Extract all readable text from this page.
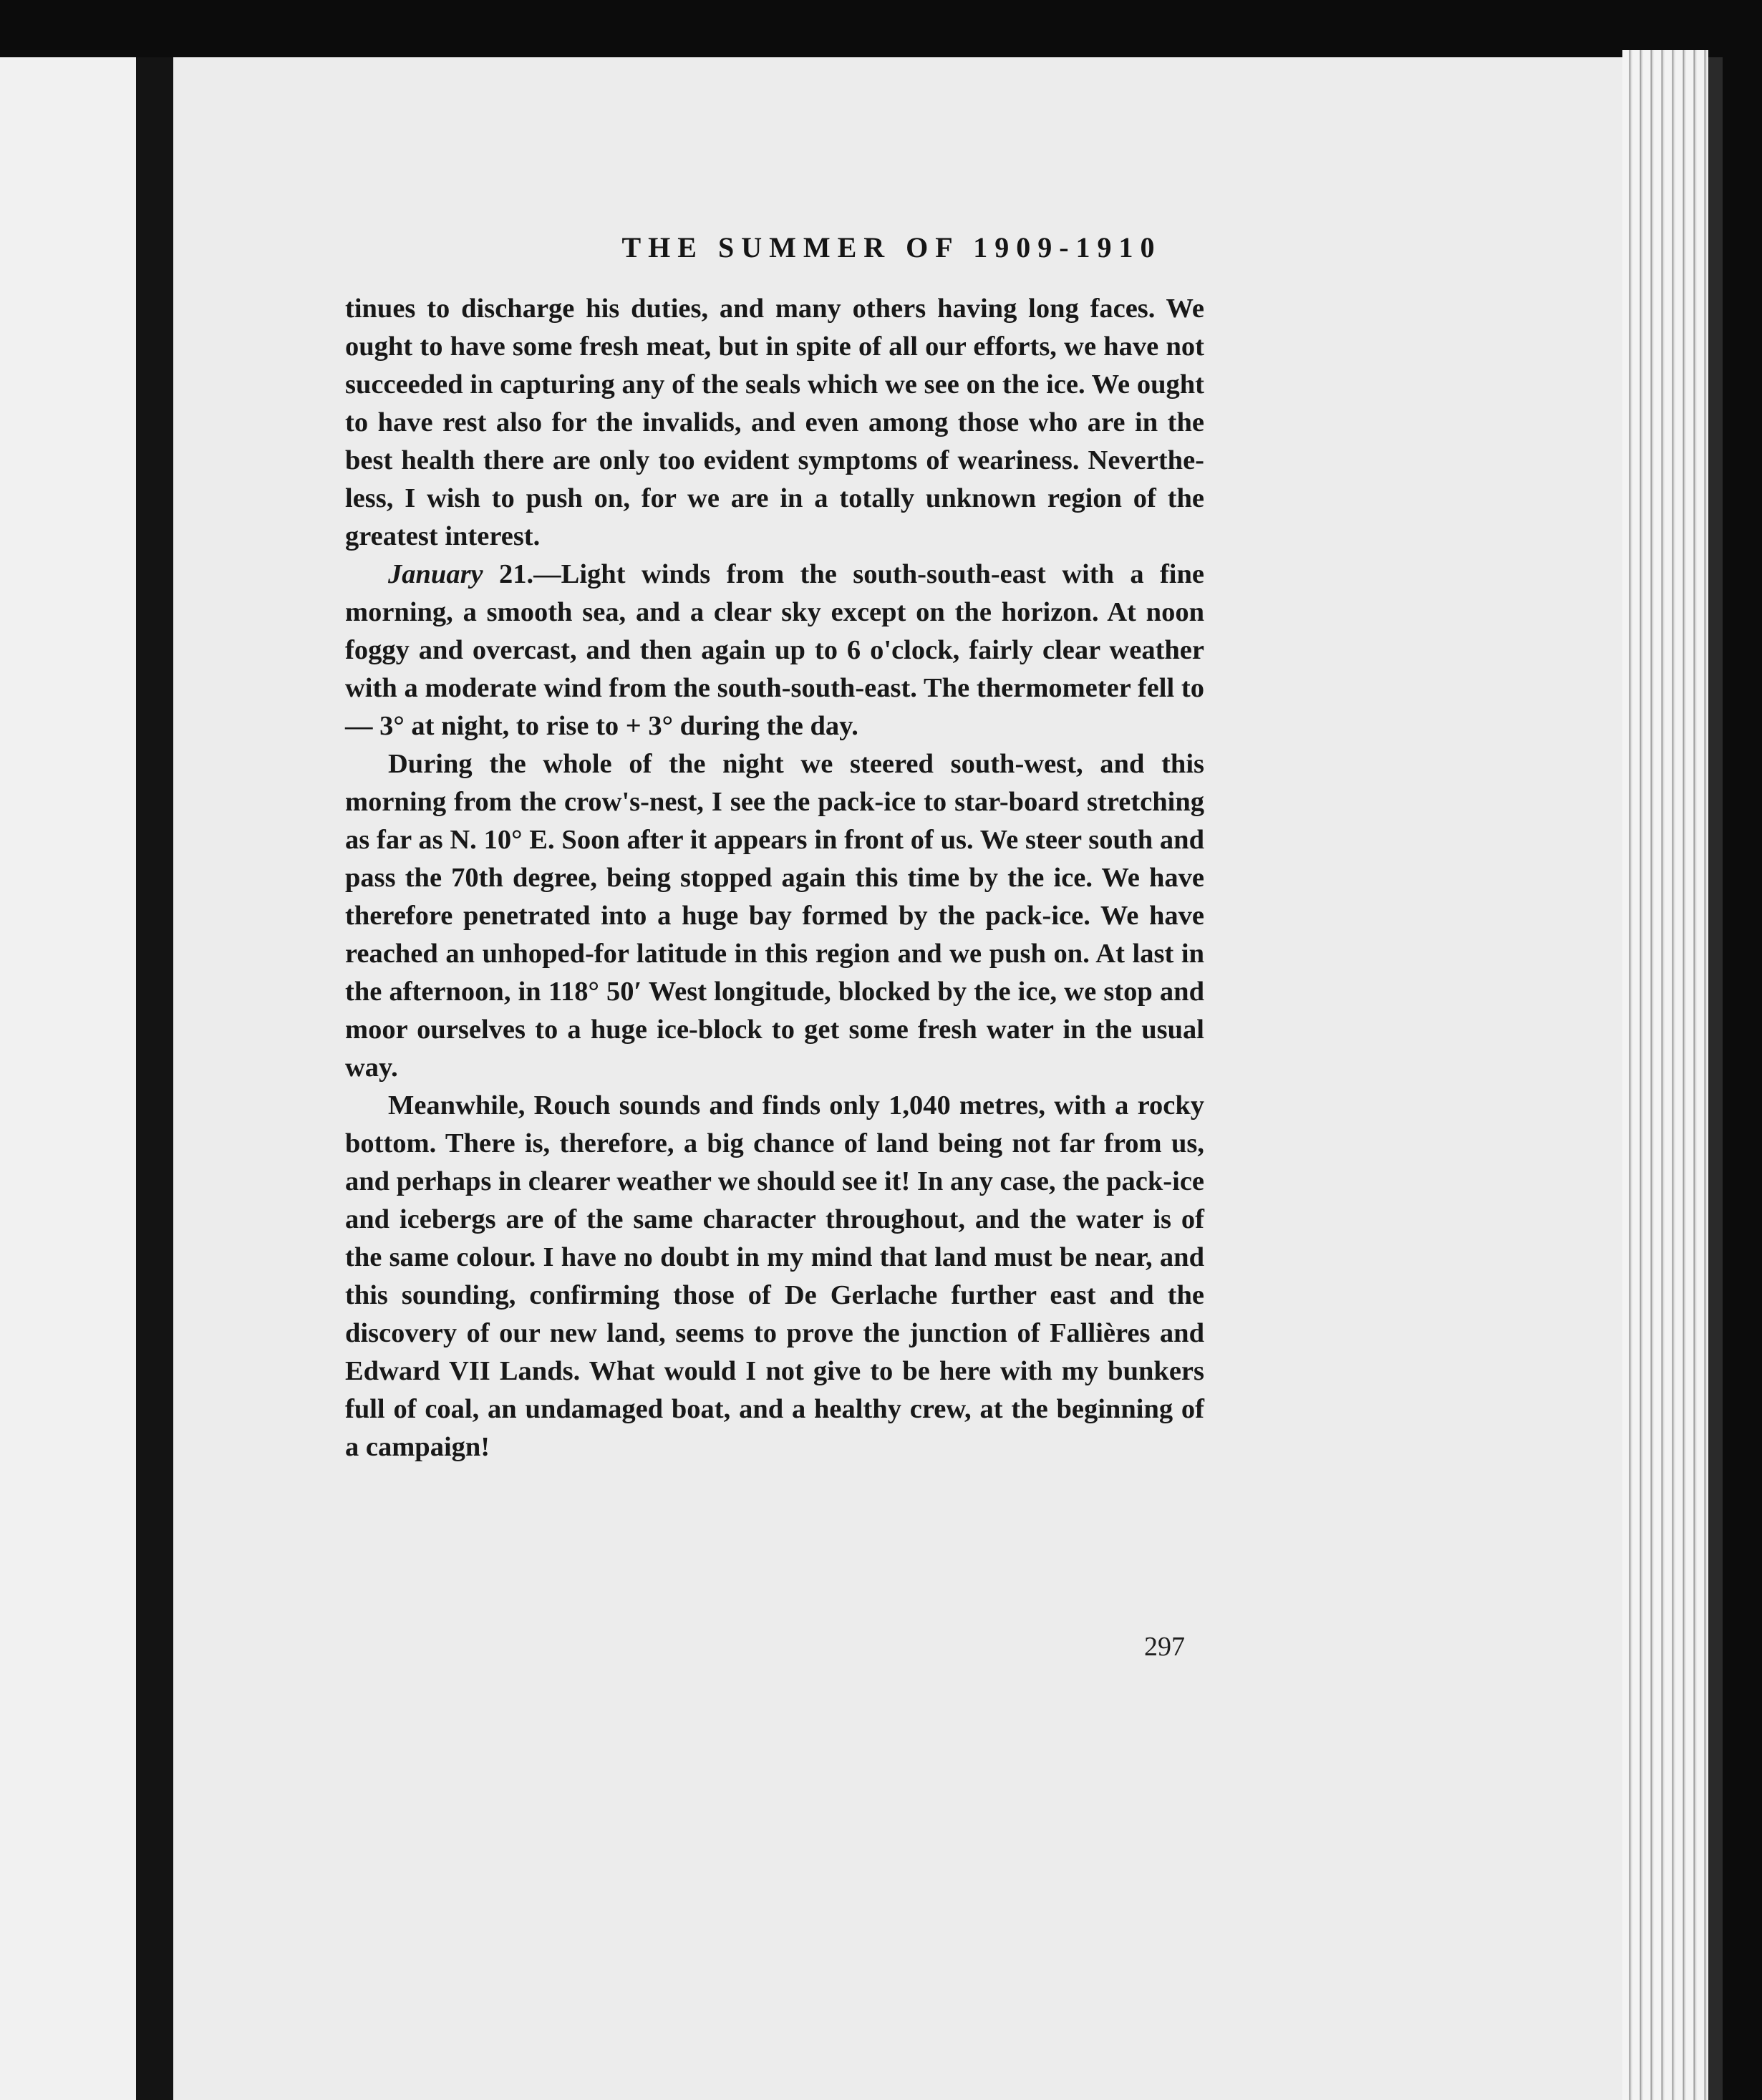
THE SUMMER OF 1909-1910

tinues to discharge his duties, and many others having long faces. We ought to have some fresh meat, but in spite of all our efforts, we have not succeeded in capturing any of the seals which we see on the ice. We ought to have rest also for the invalids, and even among those who are in the best health there are only too evident symptoms of weariness. Neverthe-less, I wish to push on, for we are in a totally unknown region of the greatest interest.

January 21.—Light winds from the south-south-east with a fine morning, a smooth sea, and a clear sky except on the horizon. At noon foggy and overcast, and then again up to 6 o'clock, fairly clear weather with a moderate wind from the south-south-east. The thermometer fell to — 3° at night, to rise to + 3° during the day.

During the whole of the night we steered south-west, and this morning from the crow's-nest, I see the pack-ice to star-board stretching as far as N. 10° E. Soon after it appears in front of us. We steer south and pass the 70th degree, being stopped again this time by the ice. We have therefore penetrated into a huge bay formed by the pack-ice. We have reached an unhoped-for latitude in this region and we push on. At last in the afternoon, in 118° 50′ West longitude, blocked by the ice, we stop and moor ourselves to a huge ice-block to get some fresh water in the usual way.

Meanwhile, Rouch sounds and finds only 1,040 metres, with a rocky bottom. There is, therefore, a big chance of land being not far from us, and perhaps in clearer weather we should see it! In any case, the pack-ice and icebergs are of the same character throughout, and the water is of the same colour. I have no doubt in my mind that land must be near, and this sounding, confirming those of De Gerlache further east and the discovery of our new land, seems to prove the junction of Fallières and Edward VII Lands. What would I not give to be here with my bunkers full of coal, an undamaged boat, and a healthy crew, at the beginning of a campaign!

297
